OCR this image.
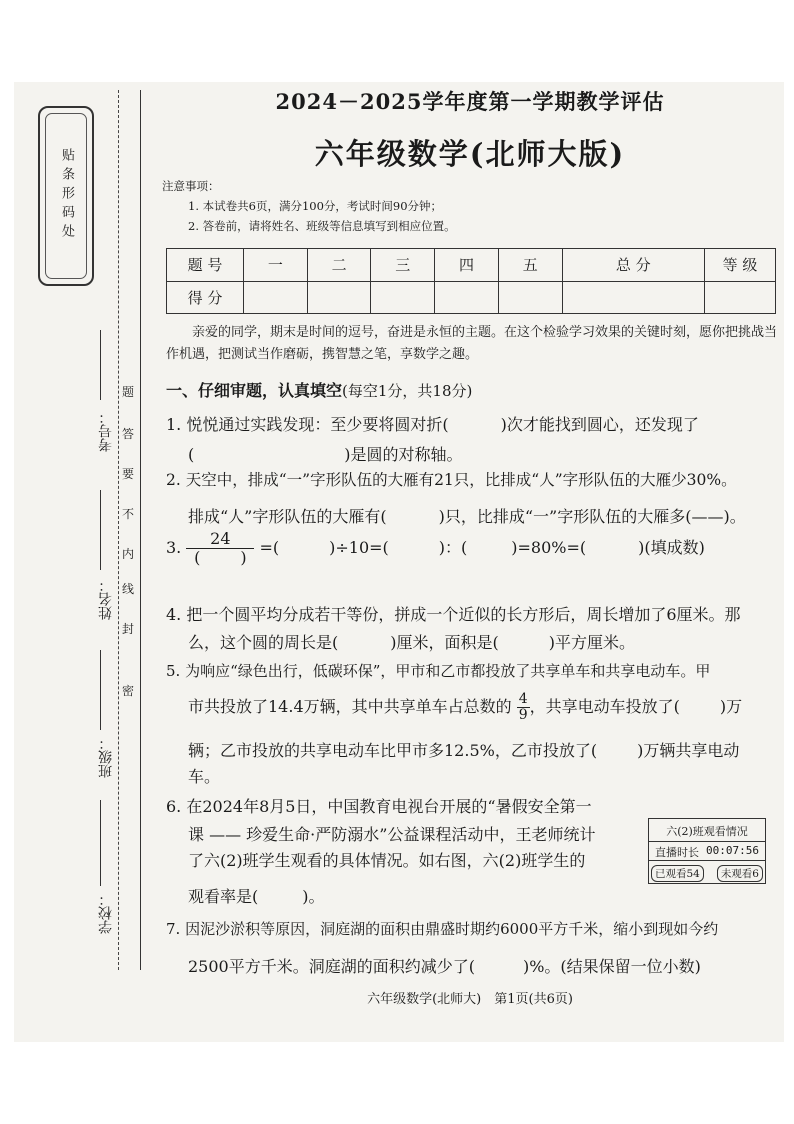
贴条形码处
考号：
姓名：
班级：
学校：
密
封
线
内
不
要
答
题
2024－2025学年度第一学期教学评估
六年级数学(北师大版)
注意事项：
1. 本试卷共6页，满分100分，考试时间90分钟；
2. 答卷前，请将姓名、班级等信息填写到相应位置。
题 号	一	二	三	四	五	总 分	等 级
得 分							
亲爱的同学，期末是时间的逗号，奋进是永恒的主题。在这个检验学习效果的关键时刻，愿你把挑战当作机遇，把测试当作磨砺，携智慧之笔，享数学之趣。
一、仔细审题，认真填空(每空1分，共18分)
1. 悦悦通过实践发现：至少要将圆对折(	)次才能找到圆心，还发现了
(	)是圆的对称轴。
2. 天空中，排成“一”字形队伍的大雁有21只，比排成“人”字形队伍的大雁少30%。
排成“人”字形队伍的大雁有(	)只，比排成“一”字形队伍的大雁多(——)。
3. 24
(	) =(	)÷10=(	)：(	)=80%=(	)(填成数)
4. 把一个圆平均分成若干等份，拼成一个近似的长方形后，周长增加了6厘米。那
么，这个圆的周长是(	)厘米，面积是(	)平方厘米。
5. 为响应“绿色出行，低碳环保”，甲市和乙市都投放了共享单车和共享电动车。甲
市共投放了14.4万辆，其中共享单车占总数的 $\frac{4}{9}$ ，共享电动车投放了(	)万
辆；乙市投放的共享电动车比甲市多12.5%，乙市投放了(	)万辆共享电动
车。
6. 在2024年8月5日，中国教育电视台开展的“暑假安全第一
课 —— 珍爱生命·严防溺水”公益课程活动中，王老师统计
了六(2)班学生观看的具体情况。如右图，六(2)班学生的
观看率是(	)。
六(2)班观看情况
直播时长 00:07:56
已观看54	未观看6
7. 因泥沙淤积等原因，洞庭湖的面积由鼎盛时期约6000平方千米，缩小到现如今约
2500平方千米。洞庭湖的面积约减少了(	)%。(结果保留一位小数)
六年级数学(北师大)　第1页(共6页)
